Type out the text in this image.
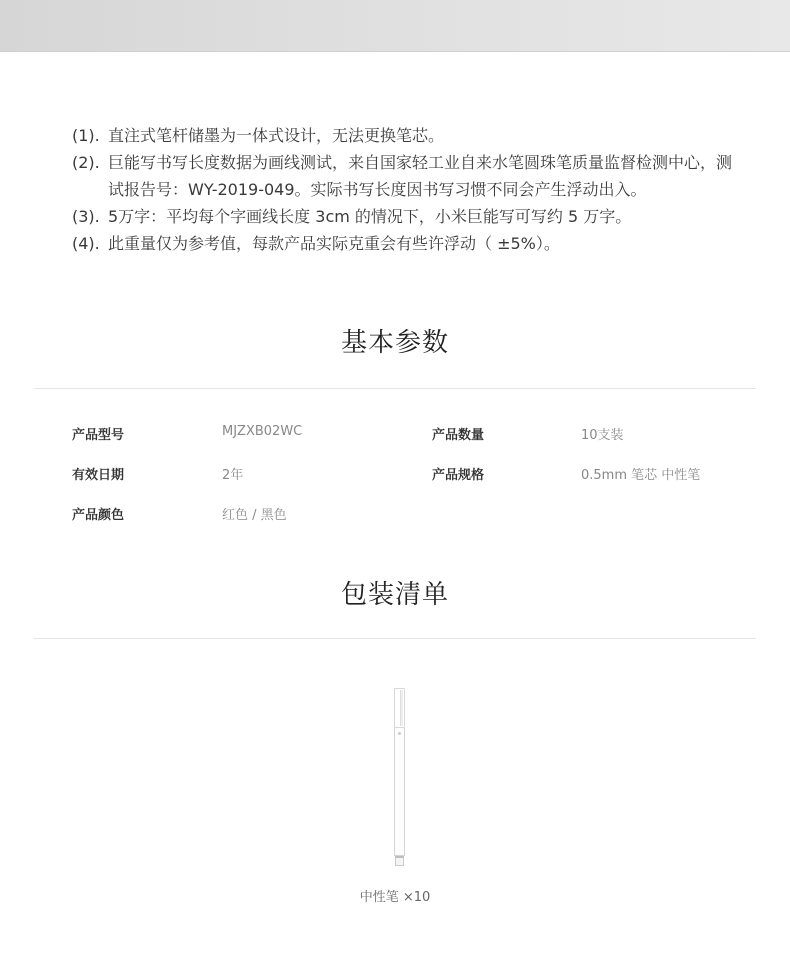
(1). 直注式笔杆储墨为一体式设计，无法更换笔芯。
(2). 巨能写书写长度数据为画线测试，来自国家轻工业自来水笔圆珠笔质量监督检测中心，测试报告号：WY-2019-049。实际书写长度因书写习惯不同会产生浮动出入。
(3). 5万字：平均每个字画线长度 3cm 的情况下，小米巨能写可写约 5 万字。
(4). 此重量仅为参考值，每款产品实际克重会有些许浮动（ ±5%）。
基本参数
产品型号	MJZXB02WC	产品数量	10支装
有效日期	2年	产品规格	0.5mm 笔芯 中性笔
产品颜色	红色 / 黑色
包装清单
中性笔 ×10
